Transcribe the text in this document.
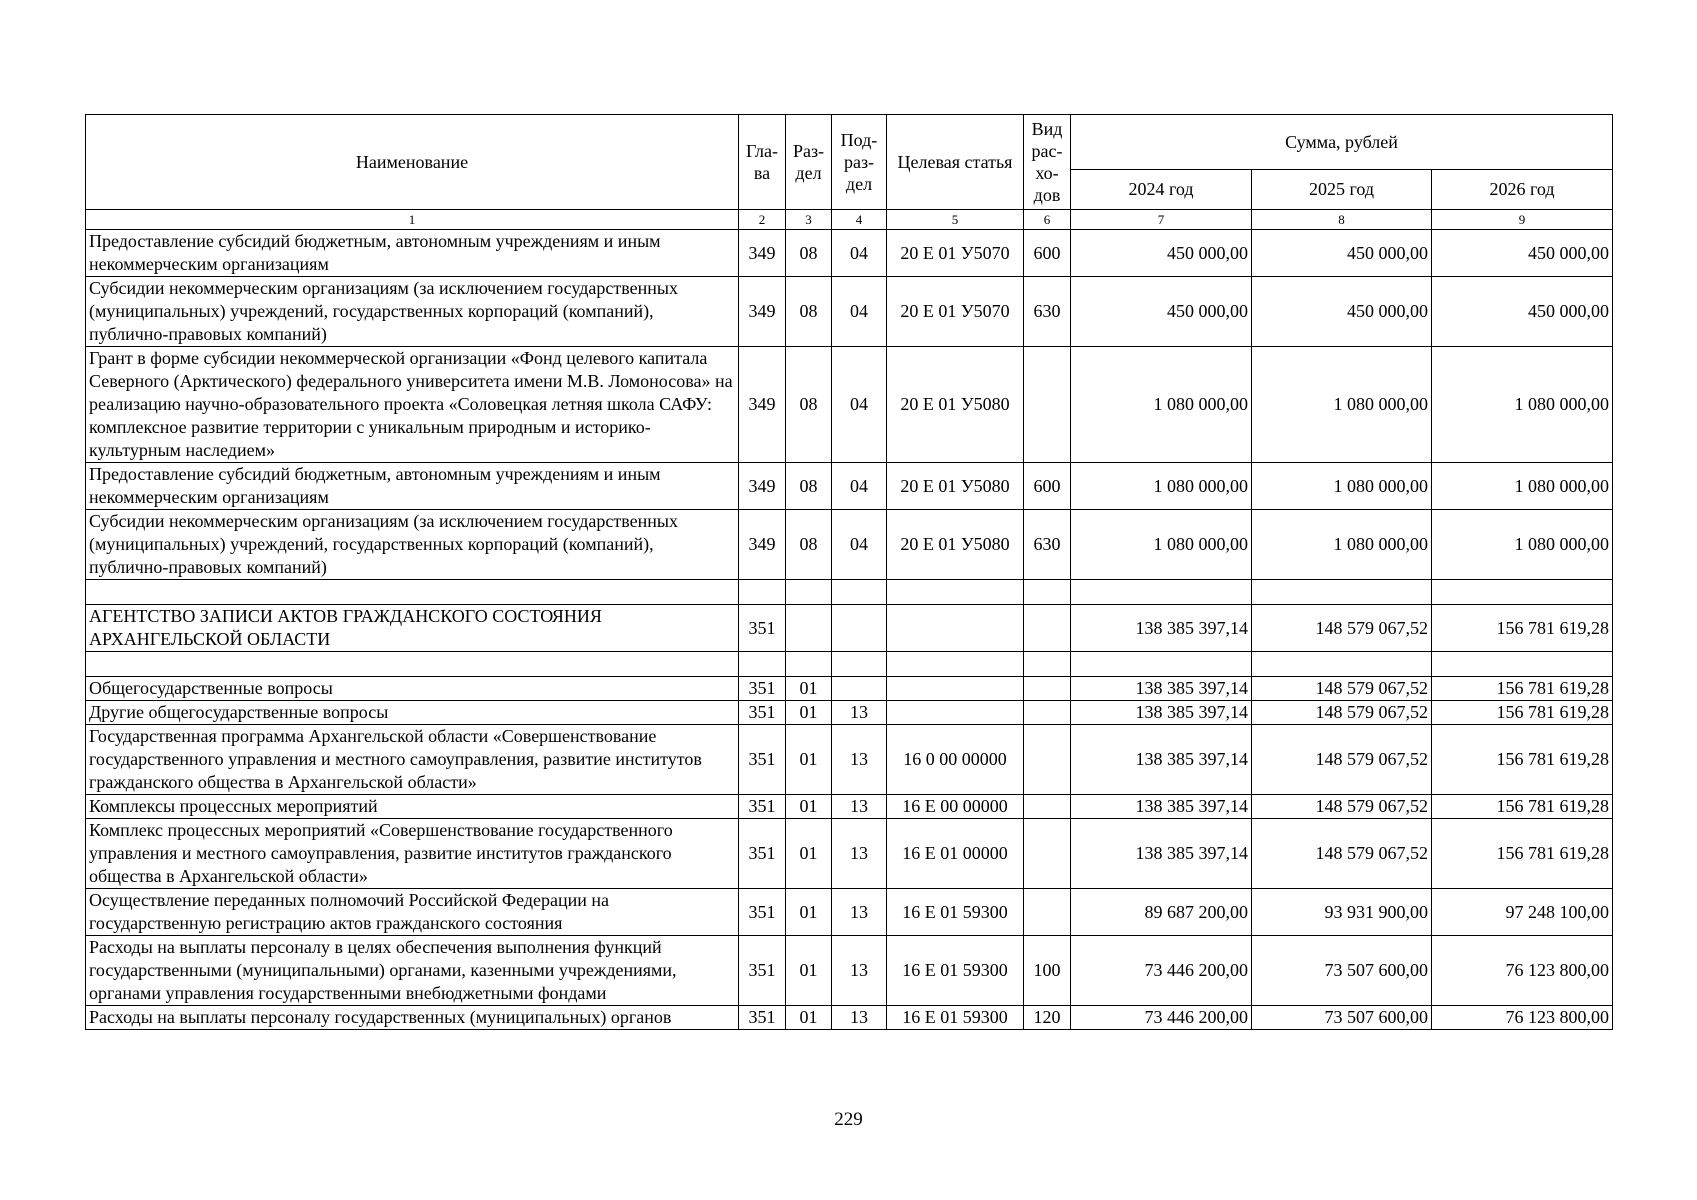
Наименование	Гла-ва	Раз-дел	Под-раз-дел	Целевая статья	Вид рас-хо-дов	Сумма, рублей		
						2024 год	2025 год	2026 год
1	2	3	4	5	6	7	8	9
Предоставление субсидий бюджетным, автономным учреждениям и иным некоммерческим организациям	349	08	04	20 Е 01 У5070	600	450 000,00	450 000,00	450 000,00
Субсидии некоммерческим организациям (за исключением государственных (муниципальных) учреждений, государственных корпораций (компаний), публично-правовых компаний)	349	08	04	20 Е 01 У5070	630	450 000,00	450 000,00	450 000,00
Грант в форме субсидии некоммерческой организации «Фонд целевого капитала Северного (Арктического) федерального университета имени М.В. Ломоносова» на реализацию научно-образовательного проекта «Соловецкая летняя школа САФУ: комплексное развитие территории с уникальным природным и историко-культурным наследием»	349	08	04	20 Е 01 У5080		1 080 000,00	1 080 000,00	1 080 000,00
Предоставление субсидий бюджетным, автономным учреждениям и иным некоммерческим организациям	349	08	04	20 Е 01 У5080	600	1 080 000,00	1 080 000,00	1 080 000,00
Субсидии некоммерческим организациям (за исключением государственных (муниципальных) учреждений, государственных корпораций (компаний), публично-правовых компаний)	349	08	04	20 Е 01 У5080	630	1 080 000,00	1 080 000,00	1 080 000,00

АГЕНТСТВО ЗАПИСИ АКТОВ ГРАЖДАНСКОГО СОСТОЯНИЯ АРХАНГЕЛЬСКОЙ ОБЛАСТИ	351					138 385 397,14	148 579 067,52	156 781 619,28

Общегосударственные вопросы	351	01				138 385 397,14	148 579 067,52	156 781 619,28
Другие общегосударственные вопросы	351	01	13			138 385 397,14	148 579 067,52	156 781 619,28
Государственная программа Архангельской области «Совершенствование государственного управления и местного самоуправления, развитие институтов гражданского общества в Архангельской области»	351	01	13	16 0 00 00000		138 385 397,14	148 579 067,52	156 781 619,28
Комплексы процессных мероприятий	351	01	13	16 Е 00 00000		138 385 397,14	148 579 067,52	156 781 619,28
Комплекс процессных мероприятий «Совершенствование государственного управления и местного самоуправления, развитие институтов гражданского общества в Архангельской области»	351	01	13	16 Е 01 00000		138 385 397,14	148 579 067,52	156 781 619,28
Осуществление переданных полномочий Российской Федерации на государственную регистрацию актов гражданского состояния	351	01	13	16 Е 01 59300		89 687 200,00	93 931 900,00	97 248 100,00
Расходы на выплаты персоналу в целях обеспечения выполнения функций государственными (муниципальными) органами, казенными учреждениями, органами управления государственными внебюджетными фондами	351	01	13	16 Е 01 59300	100	73 446 200,00	73 507 600,00	76 123 800,00
Расходы на выплаты персоналу государственных (муниципальных) органов	351	01	13	16 Е 01 59300	120	73 446 200,00	73 507 600,00	76 123 800,00
229
